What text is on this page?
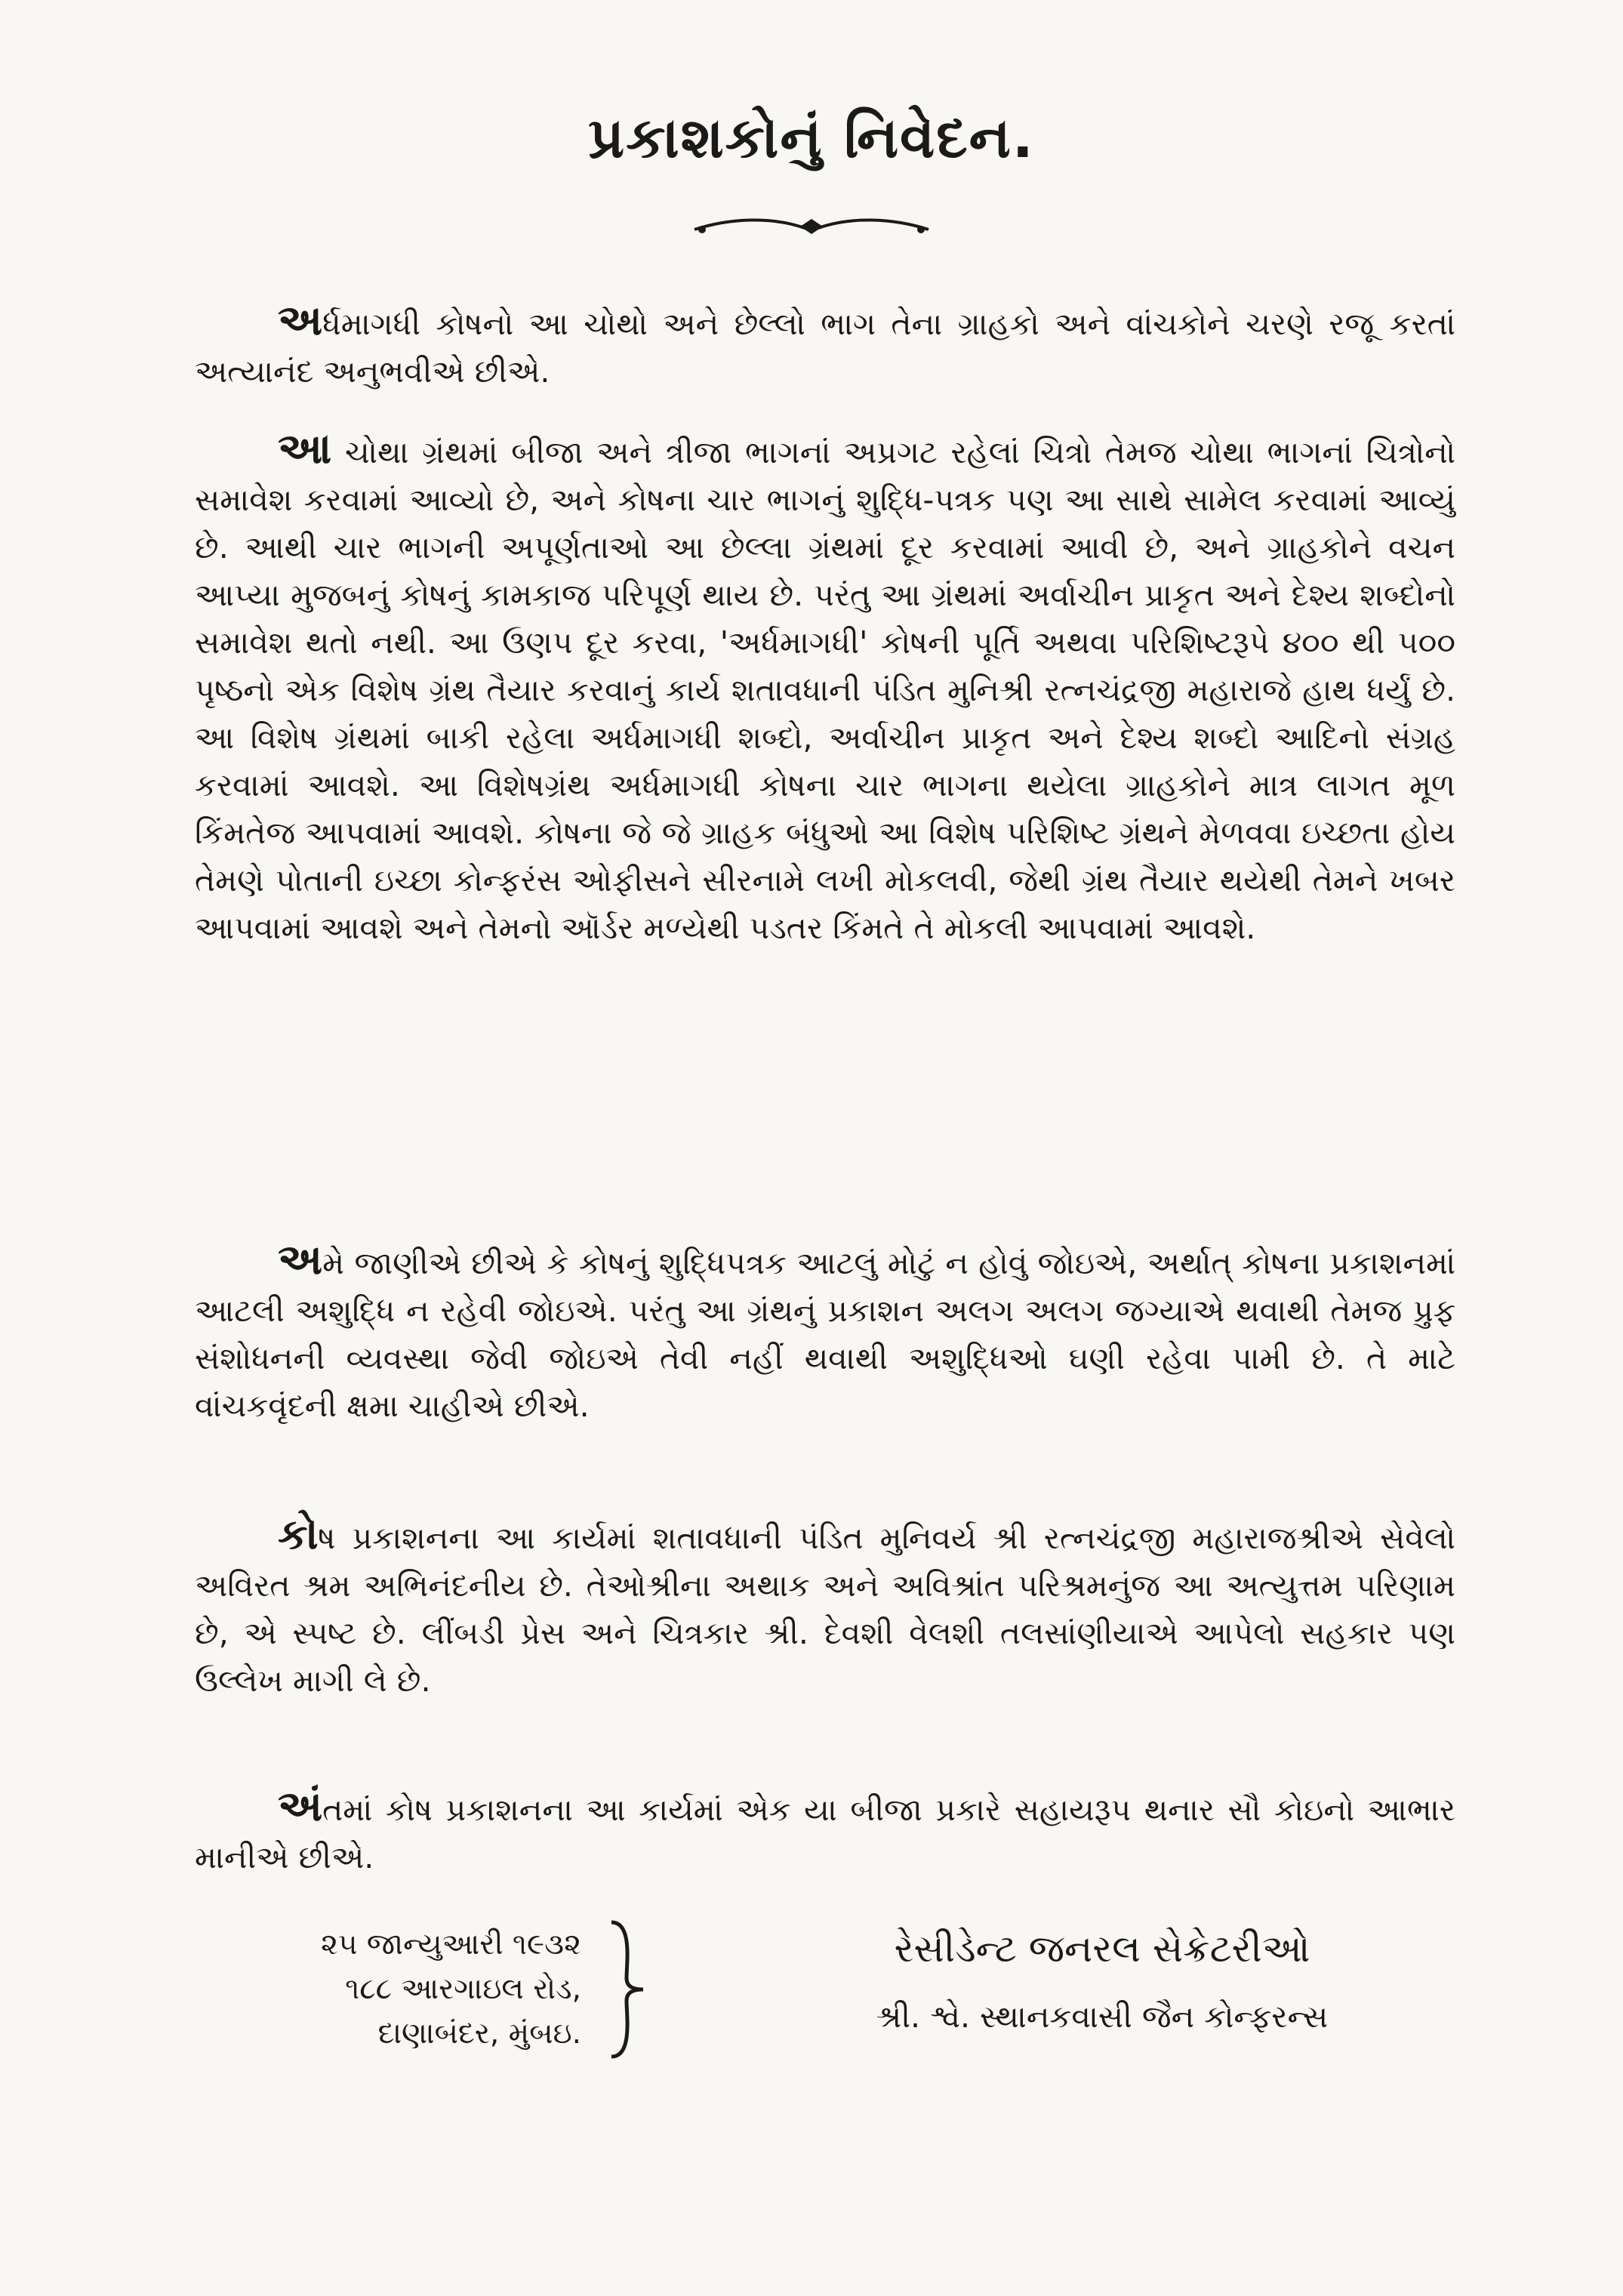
પ્રકાશકોનું નિવેદન.

અર્ધમાગધી કોષનો આ ચોથો અને છેલ્લો ભાગ તેના ગ્રાહકો અને વાંચકોને ચરણે રજૂ કરતાં અત્યાનંદ અનુભવીએ છીએ.

આ ચોથા ગ્રંથમાં બીજા અને ત્રીજા ભાગનાં અપ્રગટ રહેલાં ચિત્રો તેમજ ચોથા ભાગનાં ચિત્રોનો સમાવેશ કરવામાં આવ્યો છે, અને કોષના ચાર ભાગનું શુદ્ધિ-પત્રક પણ આ સાથે સામેલ કરવામાં આવ્યું છે. આથી ચાર ભાગની અપૂર્ણતાઓ આ છેલ્લા ગ્રંથમાં દૂર કરવામાં આવી છે, અને ગ્રાહકોને વચન આપ્યા મુજબનું કોષનું કામકાજ પરિપૂર્ણ થાય છે. પરંતુ આ ગ્રંથમાં અર્વાચીન પ્રાકૃત અને દેશ્ય શબ્દોનો સમાવેશ થતો નથી. આ ઉણપ દૂર કરવા, 'અર્ધમાગધી' કોષની પૂર્તિ અથવા પરિશિષ્ટરૂપે ૪૦૦ થી ૫૦૦ પૃષ્ઠનો એક વિશેષ ગ્રંથ તૈયાર કરવાનું કાર્ય શતાવધાની પંડિત મુનિશ્રી રત્નચંદ્રજી મહારાજે હાથ ધર્યું છે. આ વિશેષ ગ્રંથમાં બાકી રહેલા અર્ધમાગધી શબ્દો, અર્વાચીન પ્રાકૃત અને દેશ્ય શબ્દો આદિનો સંગ્રહ કરવામાં આવશે. આ વિશેષગ્રંથ અર્ધમાગધી કોષના ચાર ભાગના થયેલા ગ્રાહકોને માત્ર લાગત મૂળ કિંમતેજ આપવામાં આવશે. કોષના જે જે ગ્રાહક બંધુઓ આ વિશેષ પરિશિષ્ટ ગ્રંથને મેળવવા ઇચ્છતા હોય તેમણે પોતાની ઇચ્છા કોન્ફરંસ ઓફીસને સીરનામે લખી મોકલવી, જેથી ગ્રંથ તૈયાર થયેથી તેમને ખબર આપવામાં આવશે અને તેમનો ઑર્ડર મળ્યેથી પડતર કિંમતે તે મોકલી આપવામાં આવશે.

અમે જાણીએ છીએ કે કોષનું શુદ્ધિપત્રક આટલું મોટું ન હોવું જોઇએ, અર્થાત્ કોષના પ્રકાશનમાં આટલી અશુદ્ધિ ન રહેવી જોઇએ. પરંતુ આ ગ્રંથનું પ્રકાશન અલગ અલગ જગ્યાએ થવાથી તેમજ પ્રુફ સંશોધનની વ્યવસ્થા જેવી જોઇએ તેવી નહીં થવાથી અશુદ્ધિઓ ઘણી રહેવા પામી છે. તે માટે વાંચકવૃંદની ક્ષમા ચાહીએ છીએ.

કોષ પ્રકાશનના આ કાર્યમાં શતાવધાની પંડિત મુનિવર્ય શ્રી રત્નચંદ્રજી મહારાજશ્રીએ સેવેલો અવિરત શ્રમ અભિનંદનીય છે. તેઓશ્રીના અથાક અને અવિશ્રાંત પરિશ્રમનુંજ આ અત્યુત્તમ પરિણામ છે, એ સ્પષ્ટ છે. લીંબડી પ્રેસ અને ચિત્રકાર શ્રી. દેવશી વેલશી તલસાંણીયાએ આપેલો સહકાર પણ ઉલ્લેખ માગી લે છે.

અંતમાં કોષ પ્રકાશનના આ કાર્યમાં એક યા બીજા પ્રકારે સહાયરૂપ થનાર સૌ કોઇનો આભાર માનીએ છીએ.

૨૫ જાન્યુઆરી ૧૯૩૨
૧૮૮ આરગાઇલ રોડ,
દાણાબંદર, મુંબઇ.
રેસીડેન્ટ જનરલ સેક્રેટરીઓ
શ્રી. શ્વે. સ્થાનકવાસી જૈન કોન્ફરન્સ
